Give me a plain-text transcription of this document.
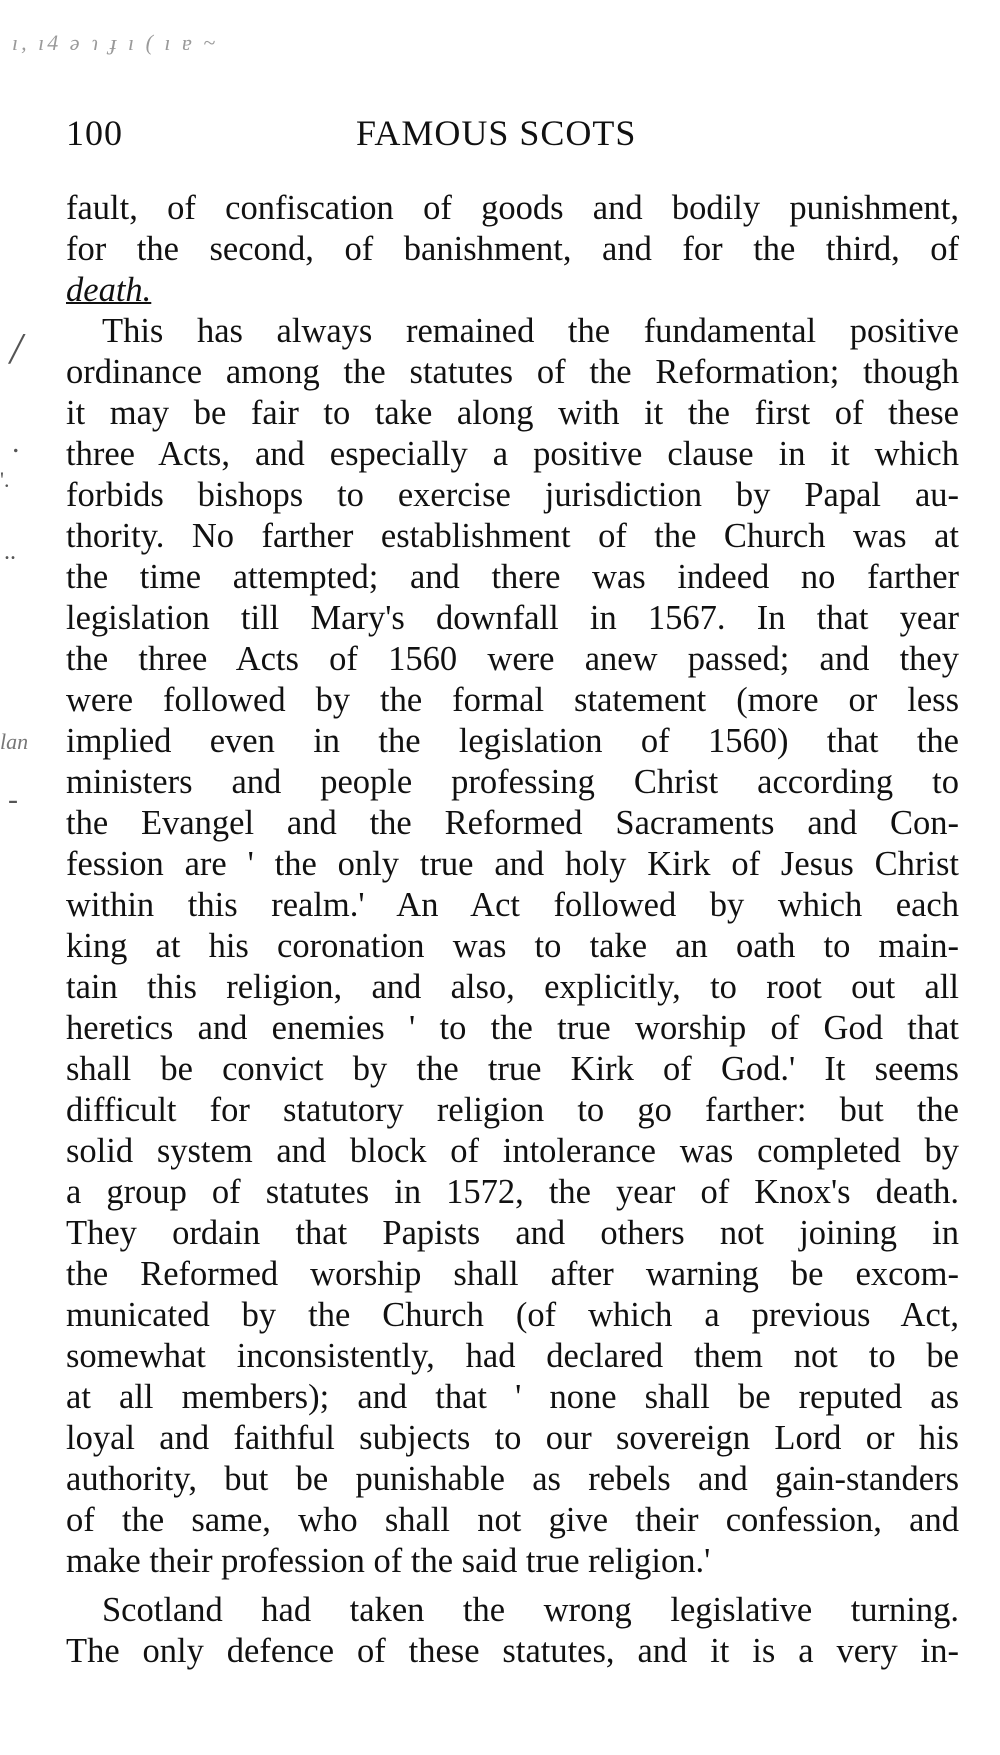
ı, ı4 ǝ ɿ ɟ ı ( ı ɐ ~
100	FAMOUS SCOTS
/
.
'.
..
lan
-
fault, of confiscation of goods and bodily punishment,
for the second, of banishment, and for the third, of
death.
This has always remained the fundamental positive
ordinance among the statutes of the Reformation; though
it may be fair to take along with it the first of these
three Acts, and especially a positive clause in it which
forbids bishops to exercise jurisdiction by Papal au-
thority. No farther establishment of the Church was at
the time attempted; and there was indeed no farther
legislation till Mary's downfall in 1567. In that year
the three Acts of 1560 were anew passed; and they
were followed by the formal statement (more or less
implied even in the legislation of 1560) that the
ministers and people professing Christ according to
the Evangel and the Reformed Sacraments and Con-
fession are ' the only true and holy Kirk of Jesus Christ
within this realm.' An Act followed by which each
king at his coronation was to take an oath to main-
tain this religion, and also, explicitly, to root out all
heretics and enemies ' to the true worship of God that
shall be convict by the true Kirk of God.' It seems
difficult for statutory religion to go farther: but the
solid system and block of intolerance was completed by
a group of statutes in 1572, the year of Knox's death.
They ordain that Papists and others not joining in
the Reformed worship shall after warning be excom-
municated by the Church (of which a previous Act,
somewhat inconsistently, had declared them not to be
at all members); and that ' none shall be reputed as
loyal and faithful subjects to our sovereign Lord or his
authority, but be punishable as rebels and gain-standers
of the same, who shall not give their confession, and
make their profession of the said true religion.'
Scotland had taken the wrong legislative turning.
The only defence of these statutes, and it is a very in-
